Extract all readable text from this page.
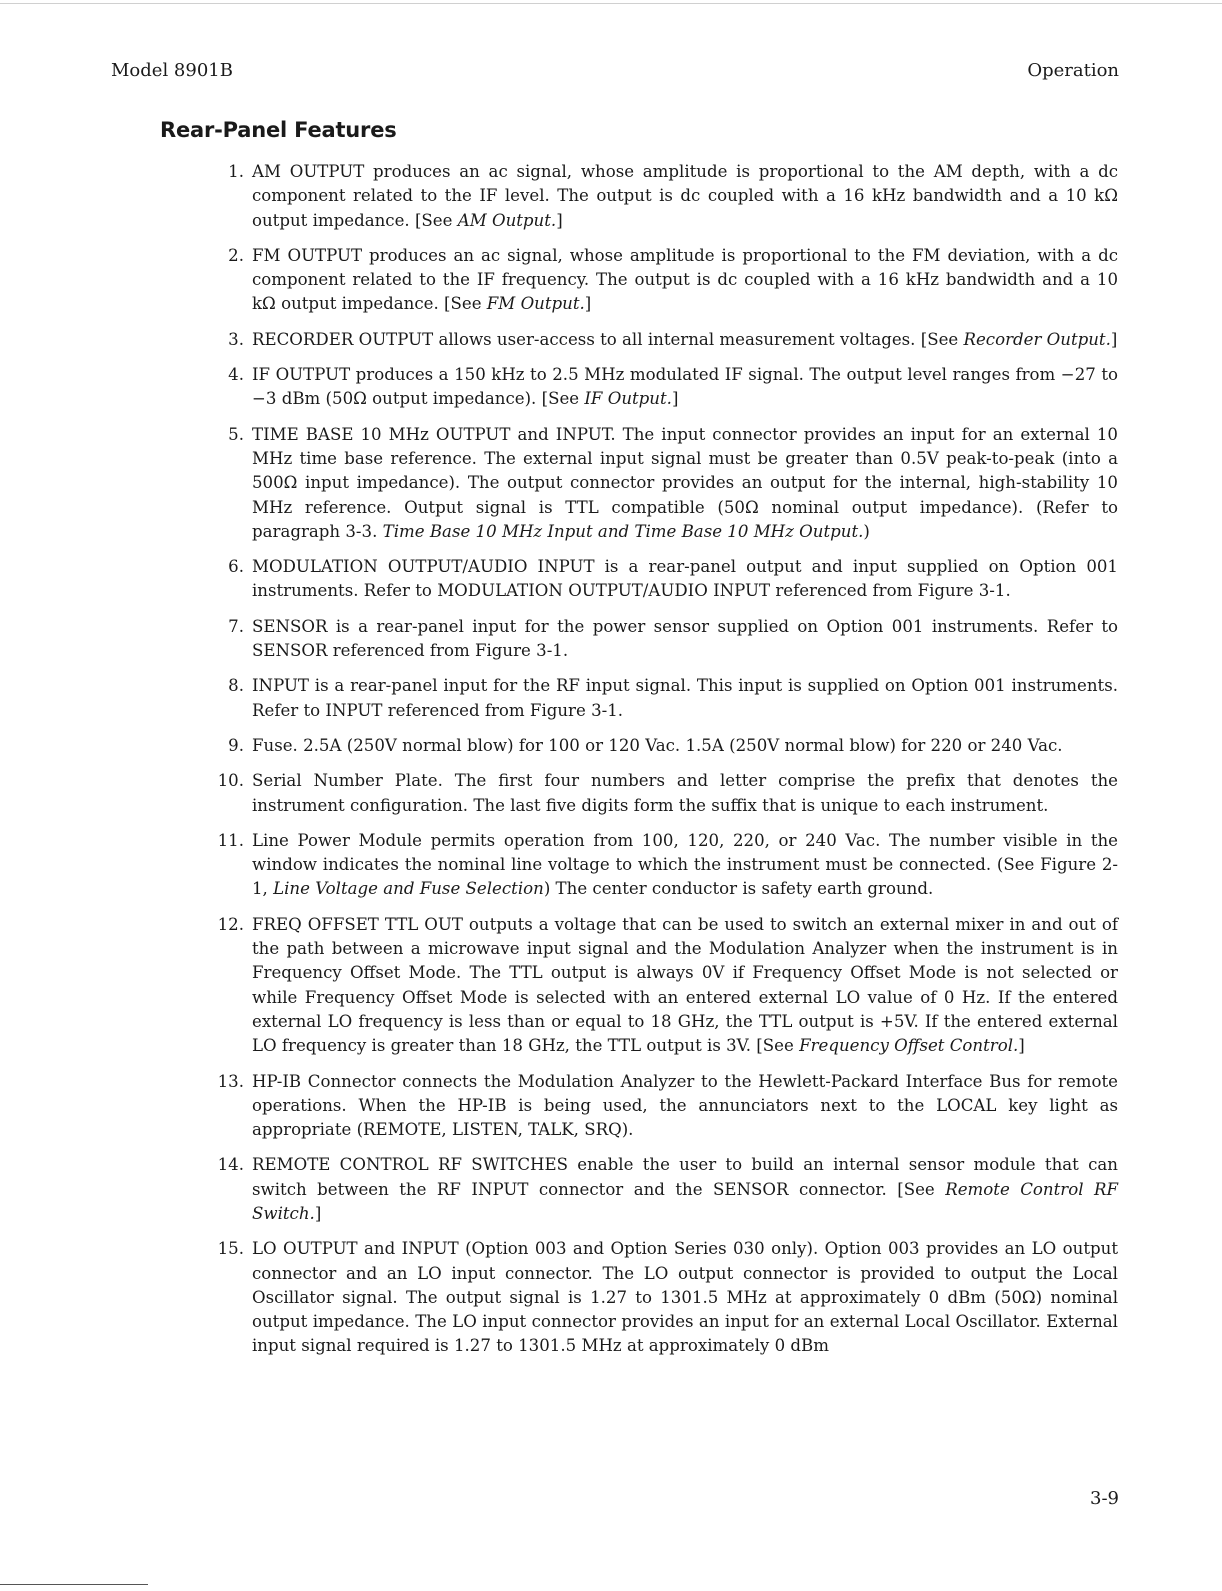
Model 8901B	Operation
Rear-Panel Features
1. AM OUTPUT produces an ac signal, whose amplitude is proportional to the AM depth, with a dc component related to the IF level. The output is dc coupled with a 16 kHz bandwidth and a 10 kΩ output impedance. [See AM Output.]
2. FM OUTPUT produces an ac signal, whose amplitude is proportional to the FM deviation, with a dc component related to the IF frequency. The output is dc coupled with a 16 kHz bandwidth and a 10 kΩ output impedance. [See FM Output.]
3. RECORDER OUTPUT allows user-access to all internal measurement voltages. [See Recorder Output.]
4. IF OUTPUT produces a 150 kHz to 2.5 MHz modulated IF signal. The output level ranges from −27 to −3 dBm (50Ω output impedance). [See IF Output.]
5. TIME BASE 10 MHz OUTPUT and INPUT. The input connector provides an input for an external 10 MHz time base reference. The external input signal must be greater than 0.5V peak-to-peak (into a 500Ω input impedance). The output connector provides an output for the internal, high-stability 10 MHz reference. Output signal is TTL compatible (50Ω nominal output impedance). (Refer to paragraph 3-3. Time Base 10 MHz Input and Time Base 10 MHz Output.)
6. MODULATION OUTPUT/AUDIO INPUT is a rear-panel output and input supplied on Option 001 instruments. Refer to MODULATION OUTPUT/AUDIO INPUT referenced from Figure 3-1.
7. SENSOR is a rear-panel input for the power sensor supplied on Option 001 instruments. Refer to SENSOR referenced from Figure 3-1.
8. INPUT is a rear-panel input for the RF input signal. This input is supplied on Option 001 instruments. Refer to INPUT referenced from Figure 3-1.
9. Fuse. 2.5A (250V normal blow) for 100 or 120 Vac. 1.5A (250V normal blow) for 220 or 240 Vac.
10. Serial Number Plate. The first four numbers and letter comprise the prefix that denotes the instrument configuration. The last five digits form the suffix that is unique to each instrument.
11. Line Power Module permits operation from 100, 120, 220, or 240 Vac. The number visible in the window indicates the nominal line voltage to which the instrument must be connected. (See Figure 2-1, Line Voltage and Fuse Selection) The center conductor is safety earth ground.
12. FREQ OFFSET TTL OUT outputs a voltage that can be used to switch an external mixer in and out of the path between a microwave input signal and the Modulation Analyzer when the instrument is in Frequency Offset Mode. The TTL output is always 0V if Frequency Offset Mode is not selected or while Frequency Offset Mode is selected with an entered external LO value of 0 Hz. If the entered external LO frequency is less than or equal to 18 GHz, the TTL output is +5V. If the entered external LO frequency is greater than 18 GHz, the TTL output is 3V. [See Frequency Offset Control.]
13. HP-IB Connector connects the Modulation Analyzer to the Hewlett-Packard Interface Bus for remote operations. When the HP-IB is being used, the annunciators next to the LOCAL key light as appropriate (REMOTE, LISTEN, TALK, SRQ).
14. REMOTE CONTROL RF SWITCHES enable the user to build an internal sensor module that can switch between the RF INPUT connector and the SENSOR connector. [See Remote Control RF Switch.]
15. LO OUTPUT and INPUT (Option 003 and Option Series 030 only). Option 003 provides an LO output connector and an LO input connector. The LO output connector is provided to output the Local Oscillator signal. The output signal is 1.27 to 1301.5 MHz at approximately 0 dBm (50Ω) nominal output impedance. The LO input connector provides an input for an external Local Oscillator. External input signal required is 1.27 to 1301.5 MHz at approximately 0 dBm
3-9
